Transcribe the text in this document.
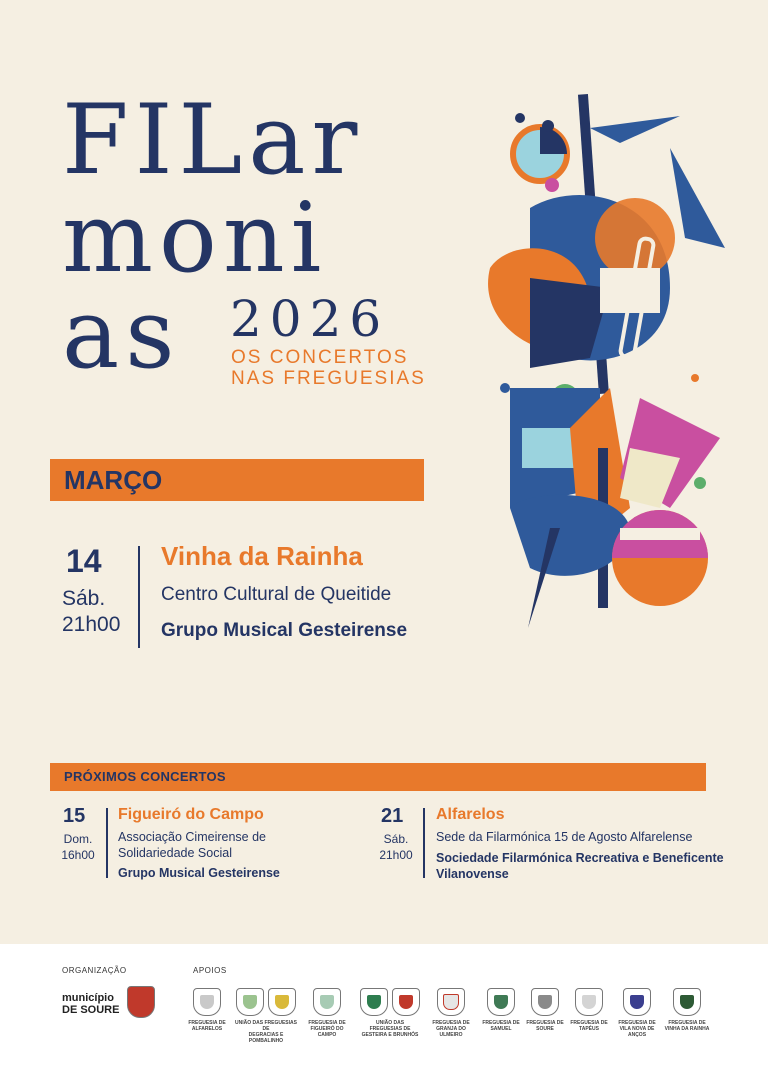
FILar
moni
as 2026
OS CONCERTOS
NAS FREGUESIAS
MARÇO
14
Sáb.
21h00
Vinha da Rainha
Centro Cultural de Queitide
Grupo Musical Gesteirense
PRÓXIMOS CONCERTOS
15
Dom.
16h00
Figueiró do Campo
Associação Cimeirense de
Solidariedade Social
Grupo Musical Gesteirense
21
Sáb.
21h00
Alfarelos
Sede da Filarmónica 15 de Agosto Alfarelense
Sociedade Filarmónica Recreativa e Beneficente
Vilanovense
ORGANIZAÇÃO	APOIOS
município
DE SOURE
FREGUESIA DE
ALFARELOS
UNIÃO DAS FREGUESIAS DE
DEGRACIAS E POMBALINHO
FREGUESIA DE
FIGUEIRÓ DO CAMPO
UNIÃO DAS FREGUESIAS DE
GESTEIRA E BRUNHÓS
FREGUESIA DE
GRANJA DO ULMEIRO
FREGUESIA DE
SAMUEL
FREGUESIA DE
SOURE
FREGUESIA DE
TAPÉUS
FREGUESIA DE
VILA NOVA DE ANÇOS
FREGUESIA DE
VINHA DA RAINHA
